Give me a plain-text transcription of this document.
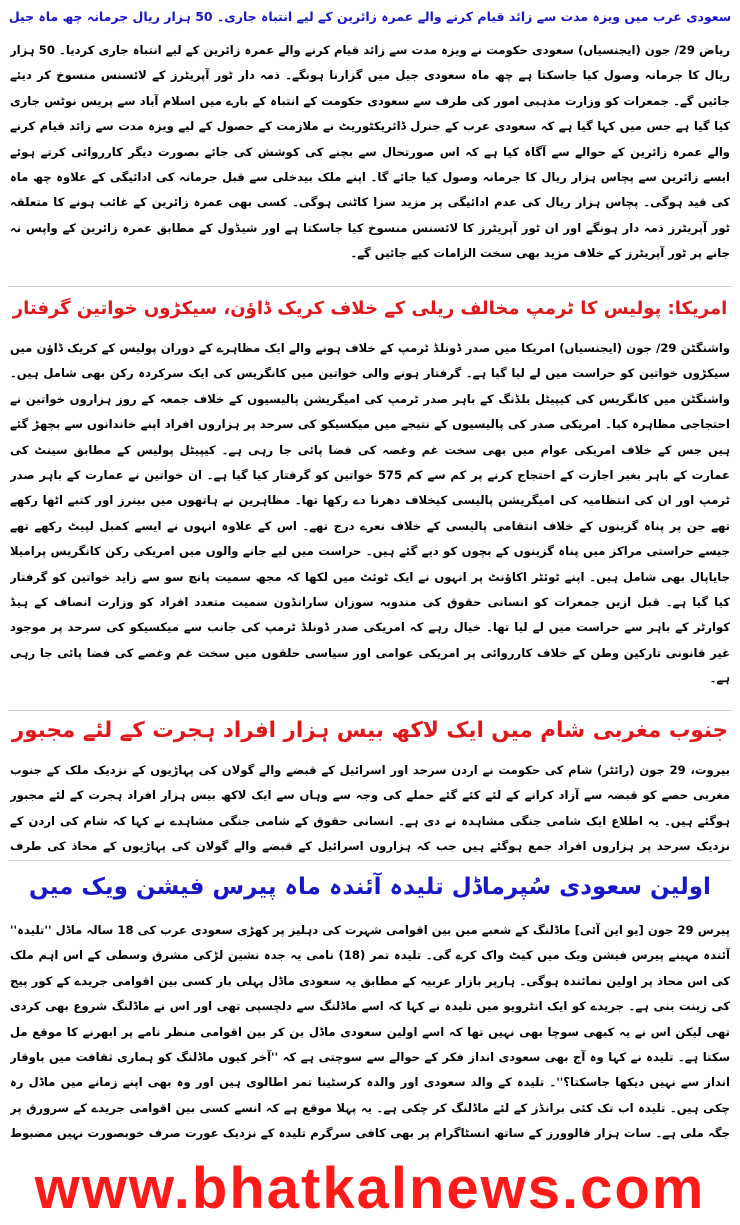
سعودی عرب میں ویزہ مدت سے زائد قیام کرنے والے عمرہ زائرین کے لیے انتباہ جاری۔ 50 ہزار ریال جرمانہ چھ ماہ جیل
ریاض 29/ جون (ایجنسیاں) سعودی حکومت نے ویزہ مدت سے زائد قیام کرنے والے عمرہ زائرین کے لیے انتباہ جاری کردیا۔ 50 ہزار ریال کا جرمانہ وصول کیا جاسکتا ہے چھ ماہ سعودی جیل میں گزارنا ہونگے۔ ذمہ دار ٹور آپریٹرز کے لائسنس منسوخ کر دیئے جائیں گے۔ جمعرات کو وزارت مذہبی امور کی طرف سے سعودی حکومت کے انتباہ کے بارے میں اسلام آباد سے پریس نوٹس جاری کیا گیا ہے جس میں کہا گیا ہے کہ سعودی عرب کے جنرل ڈائریکٹوریٹ نے ملازمت کے حصول کے لیے ویزہ مدت سے زائد قیام کرنے والے عمرہ زائرین کے حوالے سے آگاہ کیا ہے کہ اس صورتحال سے بچنے کی کوشش کی جائے بصورت دیگر کارروائی کرتے ہوئے ایسے زائرین سے پچاس ہزار ریال کا جرمانہ وصول کیا جائے گا۔ اپنے ملک بیدخلی سے قبل جرمانہ کی ادائیگی کے علاوہ چھ ماہ کی قید ہوگی۔ پچاس ہزار ریال کی عدم ادائیگی پر مزید سزا کاٹنی ہوگی۔ کسی بھی عمرہ زائرین کے غائب ہونے کا متعلقہ ٹور آپریٹرز ذمہ دار ہونگے اور ان ٹور آپریٹرز کا لائسنس منسوخ کیا جاسکتا ہے اور شیڈول کے مطابق عمرہ زائرین کے واپس نہ جانے پر ٹور آپریٹرز کے خلاف مزید بھی سخت الزامات کیے جائیں گے۔
امریکا: پولیس کا ٹرمپ مخالف ریلی کے خلاف کریک ڈاؤن، سیکڑوں خواتین گرفتار
واشنگٹن 29/ جون (ایجنسیاں) امریکا میں صدر ڈونلڈ ٹرمپ کے خلاف ہونے والے ایک مظاہرے کے دوران پولیس کے کریک ڈاؤن میں سیکڑوں خواتین کو حراست میں لے لیا گیا ہے۔ گرفتار ہونے والی خواتین میں کانگریس کی ایک سرکردہ رکن بھی شامل ہیں۔ واشنگٹن میں کانگریس کی کیپیٹل بلڈنگ کے باہر صدر ٹرمپ کی امیگریشن پالیسیوں کے خلاف جمعہ کے روز ہزاروں خواتین نے احتجاجی مظاہرہ کیا۔ امریکی صدر کی پالیسیوں کے نتیجے میں میکسیکو کی سرحد پر ہزاروں افراد اپنے خاندانوں سے بچھڑ گئے ہیں جس کے خلاف امریکی عوام میں بھی سخت غم وغصہ کی فضا پائی جا رہی ہے۔ کیپیٹل پولیس کے مطابق سینٹ کی عمارت کے باہر بغیر اجازت کے احتجاج کرنے پر کم سے کم 575 خواتین کو گرفتار کیا گیا ہے۔ ان خواتین نے عمارت کے باہر صدر ٹرمپ اور ان کی انتظامیہ کی امیگریشن پالیسی کیخلاف دھرنا دے رکھا تھا۔ مظاہرین نے ہاتھوں میں بینرز اور کتبے اٹھا رکھے تھے جن پر پناہ گزینوں کے خلاف انتقامی پالیسی کے خلاف نعرے درج تھے۔ اس کے علاوہ انہوں نے ایسے کمبل لپیٹ رکھے تھے جیسے حراستی مراکز میں پناہ گزینوں کے بچوں کو دیے گئے ہیں۔ حراست میں لیے جانے والوں میں امریکی رکن کانگریس پرامیلا جایاپال بھی شامل ہیں۔ اپنے ٹوئٹر اکاؤنٹ پر انہوں نے ایک ٹوئٹ میں لکھا کہ مجھ سمیت پانچ سو سے زاید خواتین کو گرفتار کیا گیا ہے۔ قبل ازیں جمعرات کو انسانی حقوق کی مندوبہ سوزان سارانڈون سمیت متعدد افراد کو وزارت انصاف کے ہیڈ کوارٹر کے باہر سے حراست میں لے لیا تھا۔ خیال رہے کہ امریکی صدر ڈونلڈ ٹرمپ کی جانب سے میکسیکو کی سرحد پر موجود غیر قانونی تارکین وطن کے خلاف کارروائی پر امریکی عوامی اور سیاسی حلقوں میں سخت غم وغصے کی فضا پائی جا رہی ہے۔
جنوب مغربی شام میں ایک لاکھ بیس ہزار افراد ہجرت کے لئے مجبور
بیروت، 29 جون (رائٹر) شام کی حکومت نے اردن سرحد اور اسرائیل کے قبضے والے گولان کی پہاڑیوں کے نزدیک ملک کے جنوب مغربی حصے کو قبضہ سے آزاد کرانے کے لئے کئے گئے حملے کی وجہ سے وہاں سے ایک لاکھ بیس ہزار افراد ہجرت کے لئے مجبور ہوگئے ہیں۔ یہ اطلاع ایک شامی جنگی مشاہدہ نے دی ہے۔ انسانی حقوق کے شامی جنگی مشاہدے نے کہا کہ شام کی اردن کے نزدیک سرحد پر ہزاروں افراد جمع ہوگئے ہیں جب کہ ہزاروں اسرائیل کے قبضے والے گولان کی پہاڑیوں کے محاذ کی طرف
اولین سعودی سُپرماڈل تلیدہ آئندہ ماہ پیرس فیشن ویک میں
پیرس 29 جون [یو این آئی] ماڈلنگ کے شعبے میں بین اقوامی شہرت کی دہلیز پر کھڑی سعودی عرب کی 18 سالہ ماڈل ''تلیدہ'' آئندہ مہینے پیرس فیشن ویک میں کیٹ واک کرے گی۔ تلیدہ تمر (18) نامی یہ جدہ نشین لڑکی مشرق وسطی کے اس اہم ملک کی اس محاذ پر اولین نمائندہ ہوگی۔ ہارپر بازار عربیہ کے مطابق یہ سعودی ماڈل پہلی بار کسی بین اقوامی جریدے کے کور پیج کی زینت بنی ہے۔ جریدے کو ایک انٹرویو میں تلیدہ نے کہا کہ اسے ماڈلنگ سے دلچسپی تھی اور اس نے ماڈلنگ شروع بھی کردی تھی لیکن اس نے یہ کبھی سوچا بھی نہیں تھا کہ اسے اولین سعودی ماڈل بن کر بین اقوامی منظر نامے پر ابھرنے کا موقع مل سکتا ہے۔ تلیدہ نے کہا وہ آج بھی سعودی انداز فکر کے حوالے سے سوچتی ہے کہ ''آخر کیوں ماڈلنگ کو ہماری ثقافت میں باوقار انداز سے نہیں دیکھا جاسکتا؟''۔ تلیدہ کے والد سعودی اور والدہ کرسٹینا تمر اطالوی ہیں اور وہ بھی اپنے زمانے میں ماڈل رہ چکی ہیں۔ تلیدہ اب تک کئی برانڈز کے لئے ماڈلنگ کر چکی ہے۔ یہ پہلا موقع ہے کہ انسے کسی بین اقوامی جریدے کے سرورق پر جگہ ملی ہے۔ سات ہزار فالوورز کے ساتھ انسٹاگرام پر بھی کافی سرگرم تلیدہ کے نزدیک عورت صرف خوبصورت نہیں مضبوط
www.bhatkalnews.com
